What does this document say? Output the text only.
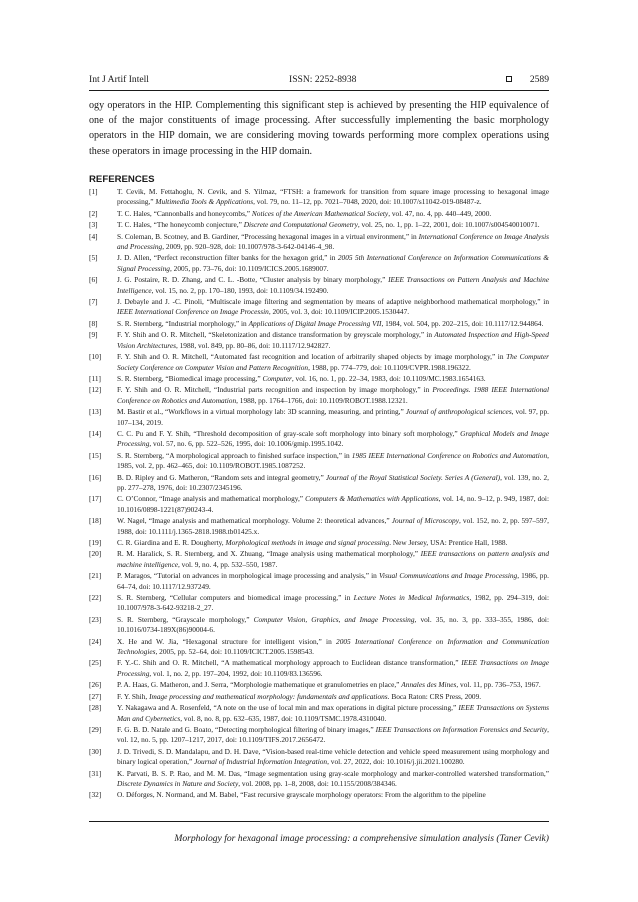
Int J Artif Intell	ISSN: 2252-8938	2589

ogy operators in the HIP. Complementing this significant step is achieved by presenting the HIP equivalence of one of the major constituents of image processing. After successfully implementing the basic morphology operators in the HIP domain, we are considering moving towards performing more complex operations using these operators in image processing in the HIP domain.

REFERENCES
[1]	T. Cevik, M. Fettahoglu, N. Cevik, and S. Yilmaz, “FTSH: a framework for transition from square image processing to hexagonal image processing,” Multimedia Tools & Applications, vol. 79, no. 11–12, pp. 7021–7048, 2020, doi: 10.1007/s11042-019-08487-z.
[2]	T. C. Hales, “Cannonballs and honeycombs,” Notices of the American Mathematical Society, vol. 47, no. 4, pp. 440–449, 2000.
[3]	T. C. Hales, “The honeycomb conjecture,” Discrete and Computational Geometry, vol. 25, no. 1, pp. 1–22, 2001, doi: 10.1007/s004540010071.
[4]	S. Coleman, B. Scotney, and B. Gardiner, “Processing hexagonal images in a virtual environment,” in International Conference on Image Analysis and Processing, 2009, pp. 920–928, doi: 10.1007/978-3-642-04146-4_98.
[5]	J. D. Allen, “Perfect reconstruction filter banks for the hexagon grid,” in 2005 5th International Conference on Information Communications & Signal Processing, 2005, pp. 73–76, doi: 10.1109/ICICS.2005.1689007.
[6]	J. G. Postaire, R. D. Zhang, and C. L. -Botte, “Cluster analysis by binary morphology,” IEEE Transactions on Pattern Analysis and Machine Intelligence, vol. 15, no. 2, pp. 170–180, 1993, doi: 10.1109/34.192490.
[7]	J. Debayle and J. -C. Pinoli, “Multiscale image filtering and segmentation by means of adaptive neighborhood mathematical morphology,” in IEEE International Conference on Image Processin, 2005, vol. 3, doi: 10.1109/ICIP.2005.1530447.
[8]	S. R. Sternberg, “Industrial morphology,” in Applications of Digital Image Processing VII, 1984, vol. 504, pp. 202–215, doi: 10.1117/12.944864.
[9]	F. Y. Shih and O. R. Mitchell, “Skeletonization and distance transformation by greyscale morphology,” in Automated Inspection and High-Speed Vision Architectures, 1988, vol. 849, pp. 80–86, doi: 10.1117/12.942827.
[10] F. Y. Shih and O. R. Mitchell, “Automated fast recognition and location of arbitrarily shaped objects by image morphology,” in The Computer Society Conference on Computer Vision and Pattern Recognition, 1988, pp. 774–779, doi: 10.1109/CVPR.1988.196322.
[11] S. R. Sternberg, “Biomedical image processing,” Computer, vol. 16, no. 1, pp. 22–34, 1983, doi: 10.1109/MC.1983.1654163.
[12] F. Y. Shih and O. R. Mitchell, “Industrial parts recognition and inspection by image morphology,” in Proceedings. 1988 IEEE International Conference on Robotics and Automation, 1988, pp. 1764–1766, doi: 10.1109/ROBOT.1988.12321.
[13] M. Bastir et al., “Workflows in a virtual morphology lab: 3D scanning, measuring, and printing,” Journal of anthropological sciences, vol. 97, pp. 107–134, 2019.
[14] C. C. Pu and F. Y. Shih, “Threshold decomposition of gray-scale soft morphology into binary soft morphology,” Graphical Models and Image Processing, vol. 57, no. 6, pp. 522–526, 1995, doi: 10.1006/gmip.1995.1042.
[15] S. R. Sternberg, “A morphological approach to finished surface inspection,” in 1985 IEEE International Conference on Robotics and Automation, 1985, vol. 2, pp. 462–465, doi: 10.1109/ROBOT.1985.1087252.
[16] B. D. Ripley and G. Matheron, “Random sets and integral geometry,” Journal of the Royal Statistical Society. Series A (General), vol. 139, no. 2, pp. 277–278, 1976, doi: 10.2307/2345196.
[17] C. O’Connor, “Image analysis and mathematical morphology,” Computers & Mathematics with Applications, vol. 14, no. 9–12, p. 949, 1987, doi: 10.1016/0898-1221(87)90243-4.
[18] W. Nagel, “Image analysis and mathematical morphology. Volume 2: theoretical advances,” Journal of Microscopy, vol. 152, no. 2, pp. 597–597, 1988, doi: 10.1111/j.1365-2818.1988.tb01425.x.
[19] C. R. Giardina and E. R. Dougherty, Morphological methods in image and signal processing. New Jersey, USA: Prentice Hall, 1988.
[20] R. M. Haralick, S. R. Sternberg, and X. Zhuang, “Image analysis using mathematical morphology,” IEEE transactions on pattern analysis and machine intelligence, vol. 9, no. 4, pp. 532–550, 1987.
[21] P. Maragos, “Tutorial on advances in morphological image processing and analysis,” in Visual Communications and Image Processing, 1986, pp. 64–74, doi: 10.1117/12.937249.
[22] S. R. Sternberg, “Cellular computers and biomedical image processing,” in Lecture Notes in Medical Informatics, 1982, pp. 294–319, doi: 10.1007/978-3-642-93218-2_27.
[23] S. R. Sternberg, “Grayscale morphology,” Computer Vision, Graphics, and Image Processing, vol. 35, no. 3, pp. 333–355, 1986, doi: 10.1016/0734-189X(86)90004-6.
[24] X. He and W. Jia, “Hexagonal structure for intelligent vision,” in 2005 International Conference on Information and Communication Technologies, 2005, pp. 52–64, doi: 10.1109/ICICT.2005.1598543.
[25] F. Y.-C. Shih and O. R. Mitchell, “A mathematical morphology approach to Euclidean distance transformation,” IEEE Transactions on Image Processing, vol. 1, no. 2, pp. 197–204, 1992, doi: 10.1109/83.136596.
[26] P. A. Haas, G. Matheron, and J. Serra, “Morphologie mathematique et granulometries en place,” Annales des Mines, vol. 11, pp. 736–753, 1967.
[27] F. Y. Shih, Image processing and mathematical morphology: fundamentals and applications. Boca Raton: CRS Press, 2009.
[28] Y. Nakagawa and A. Rosenfeld, “A note on the use of local min and max operations in digital picture processing,” IEEE Transactions on Systems Man and Cybernetics, vol. 8, no. 8, pp. 632–635, 1987, doi: 10.1109/TSMC.1978.4310040.
[29] F. G. B. D. Natale and G. Boato, “Detecting morphological filtering of binary images,” IEEE Transactions on Information Forensics and Security, vol. 12, no. 5, pp. 1207–1217, 2017, doi: 10.1109/TIFS.2017.2656472.
[30] J. D. Trivedi, S. D. Mandalapu, and D. H. Dave, “Vision-based real-time vehicle detection and vehicle speed measurement using morphology and binary logical operation,” Journal of Industrial Information Integration, vol. 27, 2022, doi: 10.1016/j.jii.2021.100280.
[31] K. Parvati, B. S. P. Rao, and M. M. Das, “Image segmentation using gray-scale morphology and marker-controlled watershed transformation,” Discrete Dynamics in Nature and Society, vol. 2008, pp. 1–8, 2008, doi: 10.1155/2008/384346.
[32] O. Déforges, N. Normand, and M. Babel, “Fast recursive grayscale morphology operators: From the algorithm to the pipeline
Morphology for hexagonal image processing: a comprehensive simulation analysis (Taner Cevik)
